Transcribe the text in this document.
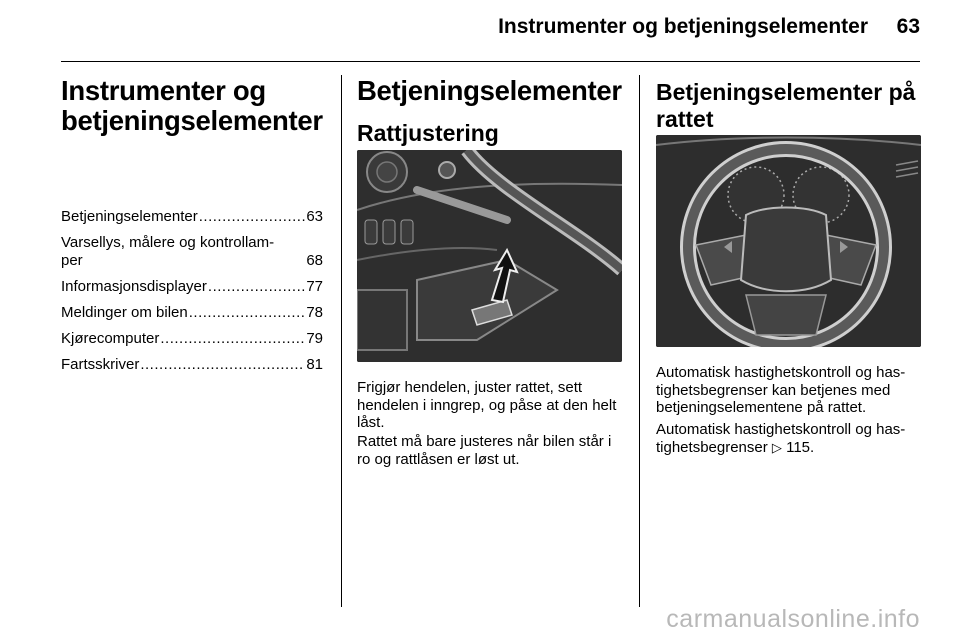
Instrumenter og betjeningselementer 63
Instrumenter og
betjeningselementer
Betjeningselementer .....	63
Varsellys, målere og kontrollam-
per	68
Informasjonsdisplayer .....	77
Meldinger om bilen .....	78
Kjørecomputer .....	79
Fartsskriver .....	81
Betjeningselementer
Rattjustering

Frigjør hendelen, juster rattet, sett hendelen i inngrep, og påse at den helt låst.

Rattet må bare justeres når bilen står i ro og rattlåsen er løst ut.

Betjeningselementer på
rattet

Automatisk hastighetskontroll og has-tighetsbegrenser kan betjenes med betjeningselementene på rattet.

Automatisk hastighetskontroll og has-tighetsbegrenser ▷ 115.

carmanualsonline.info
